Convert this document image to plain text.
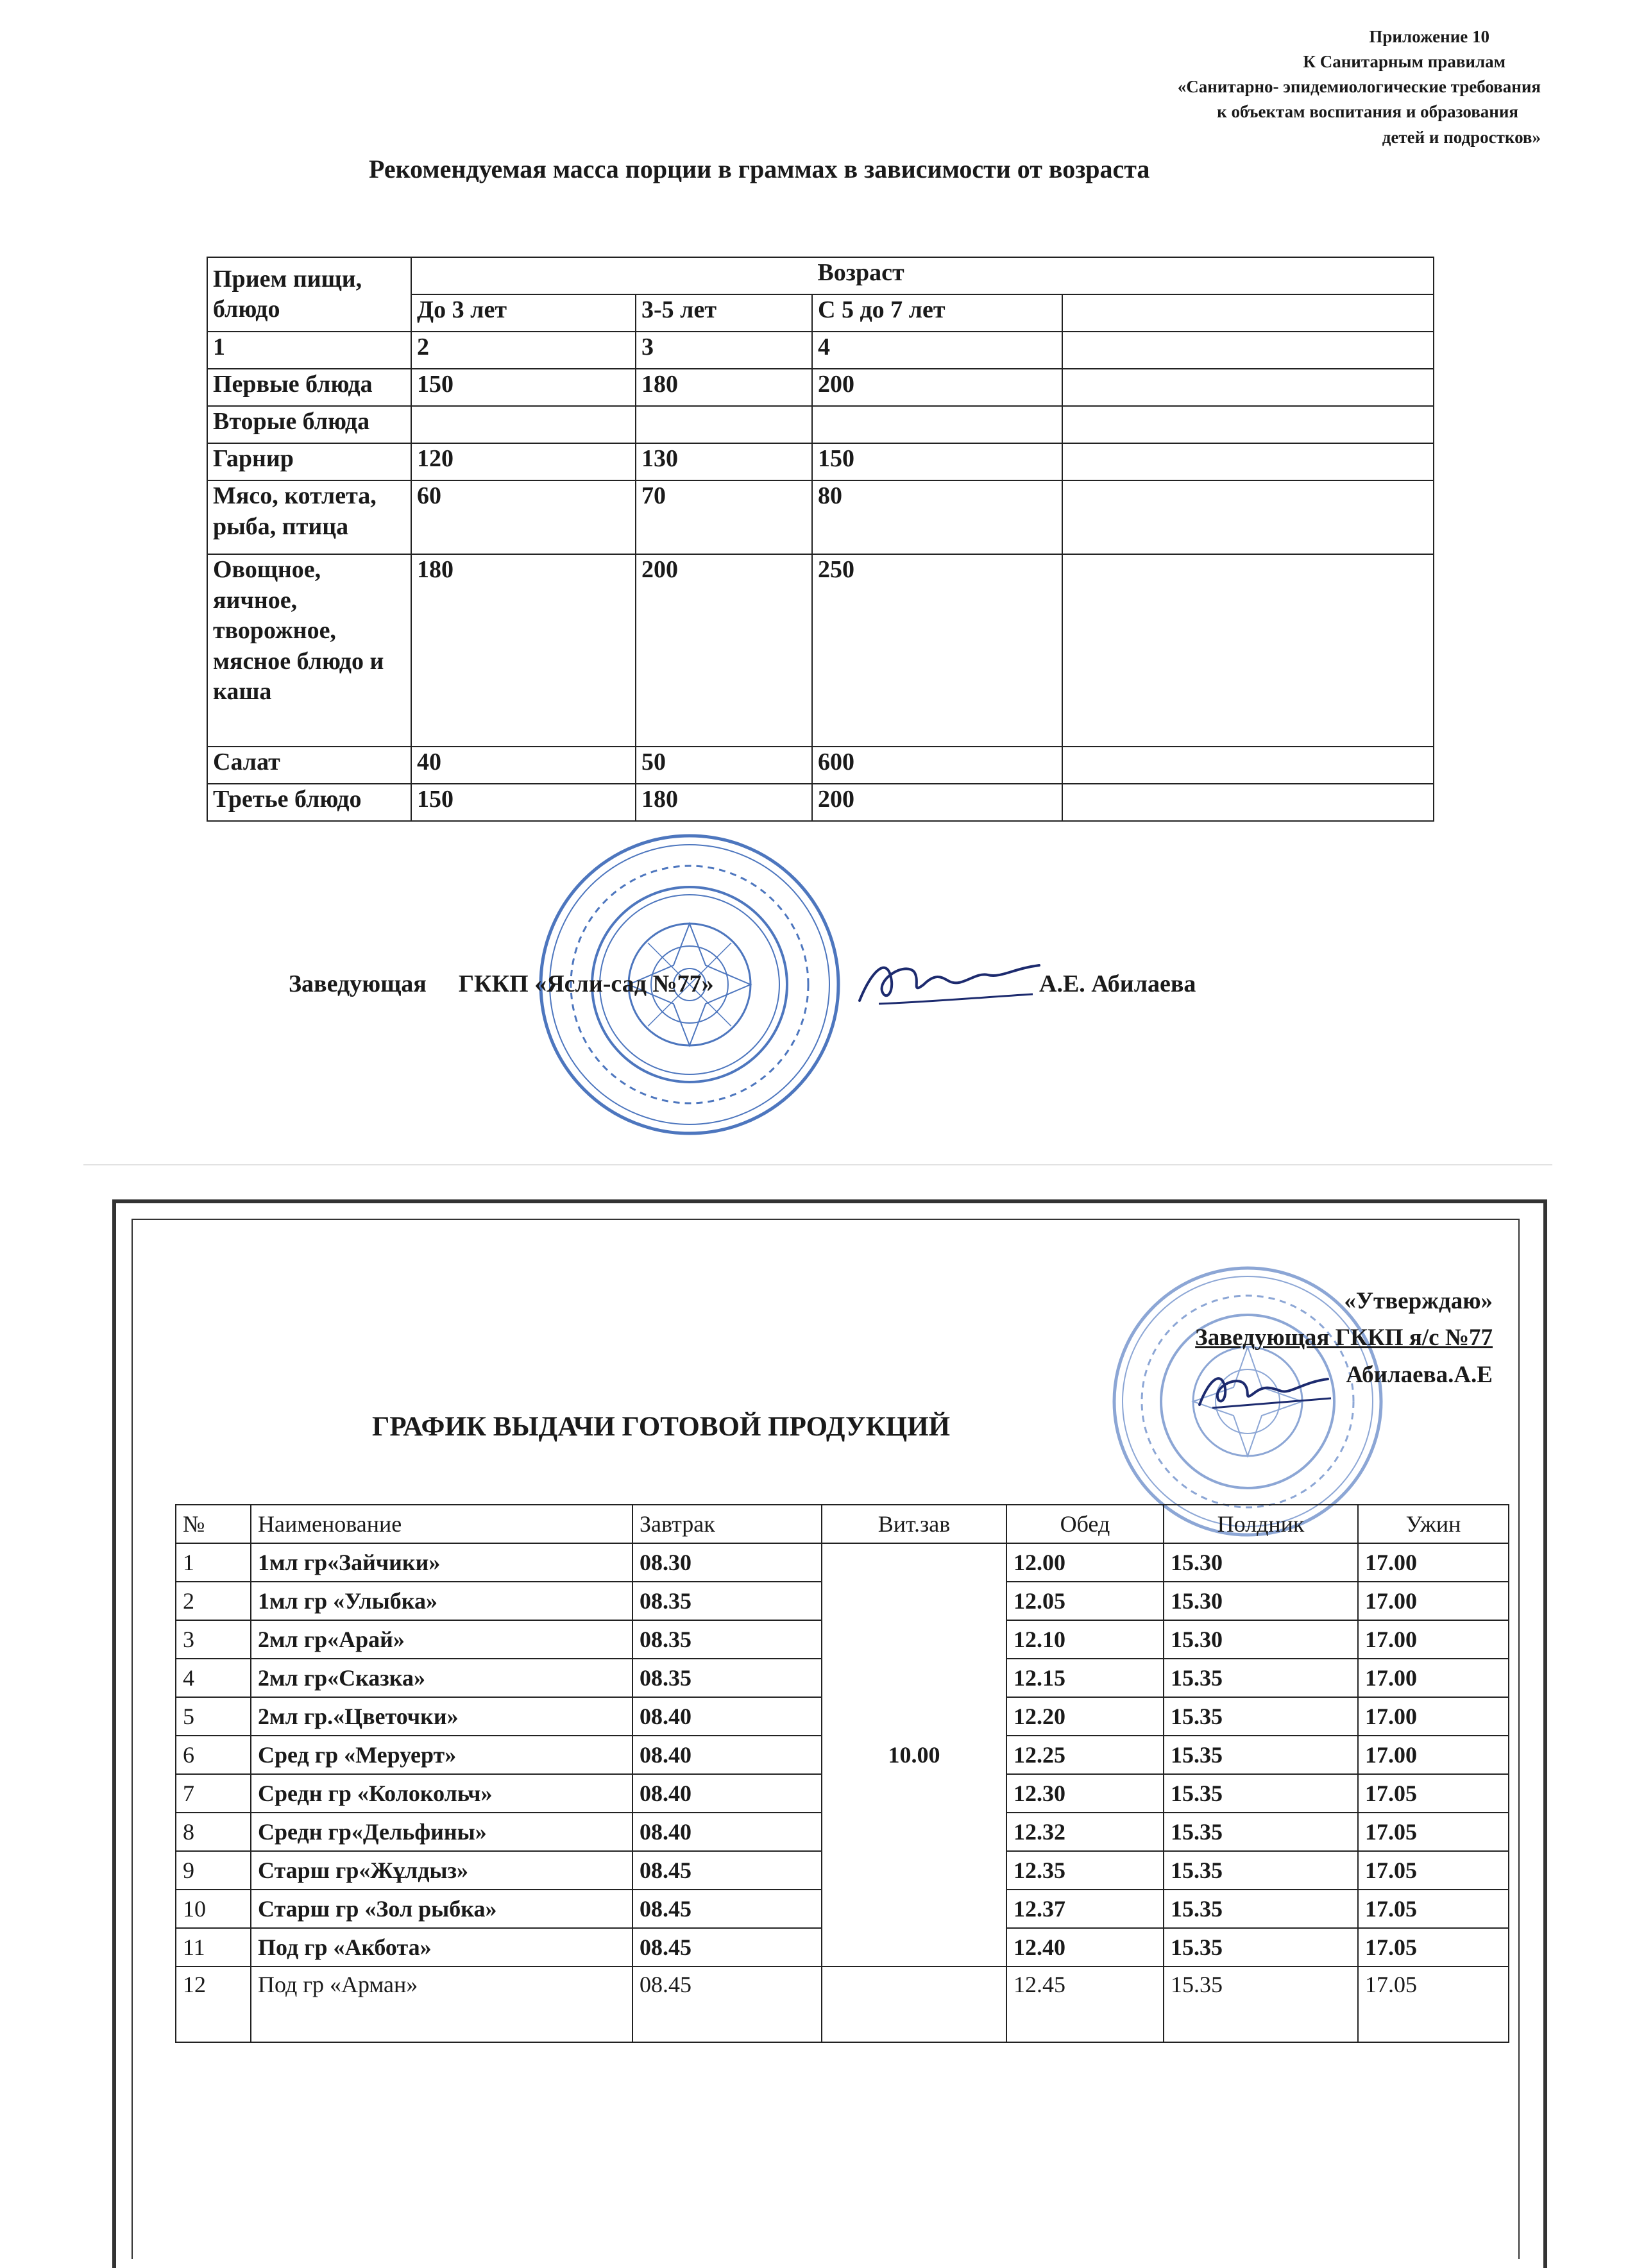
Приложение 10
К Санитарным правилам
«Санитарно- эпидемиологические требования
к объектам воспитания и образования
детей и подростков»
Рекомендуемая масса порции в граммах в зависимости от возраста
Прием пищи, блюдо	Возраст			
	До 3 лет	3-5 лет	С 5 до 7 лет	
1	2	3	4	
Первые блюда	150	180	200	
Вторые блюда				
Гарнир	120	130	150	
Мясо, котлета, рыба, птица	60	70	80	
Овощное, яичное, творожное, мясное блюдо и каша	180	200	250	
Салат	40	50	600	
Третье блюдо	150	180	200	
Заведующая ГККП «Ясли-сад №77»	А.Е. Абилаева
«Утверждаю»
Заведующая ГККП я/с №77
Абилаева.А.Е
ГРАФИК ВЫДАЧИ ГОТОВОЙ ПРОДУКЦИЙ
№	Наименование	Завтрак	Вит.зав	Обед	Полдник	Ужин
1	1мл гр«Зайчики»	08.30	10.00	12.00	15.30	17.00
2	1мл гр «Улыбка»	08.35		12.05	15.30	17.00
3	2мл гр«Арай»	08.35		12.10	15.30	17.00
4	2мл гр«Сказка»	08.35		12.15	15.35	17.00
5	2мл гр.«Цветочки»	08.40		12.20	15.35	17.00
6	Сред гр «Меруерт»	08.40		12.25	15.35	17.00
7	Средн гр «Колокольч»	08.40		12.30	15.35	17.05
8	Средн гр«Дельфины»	08.40		12.32	15.35	17.05
9	Старш гр«Жұлдыз»	08.45		12.35	15.35	17.05
10	Старш гр «Зол рыбка»	08.45		12.37	15.35	17.05
11	Под гр «Акбота»	08.45		12.40	15.35	17.05
12	Под гр «Арман»	08.45		12.45	15.35	17.05
